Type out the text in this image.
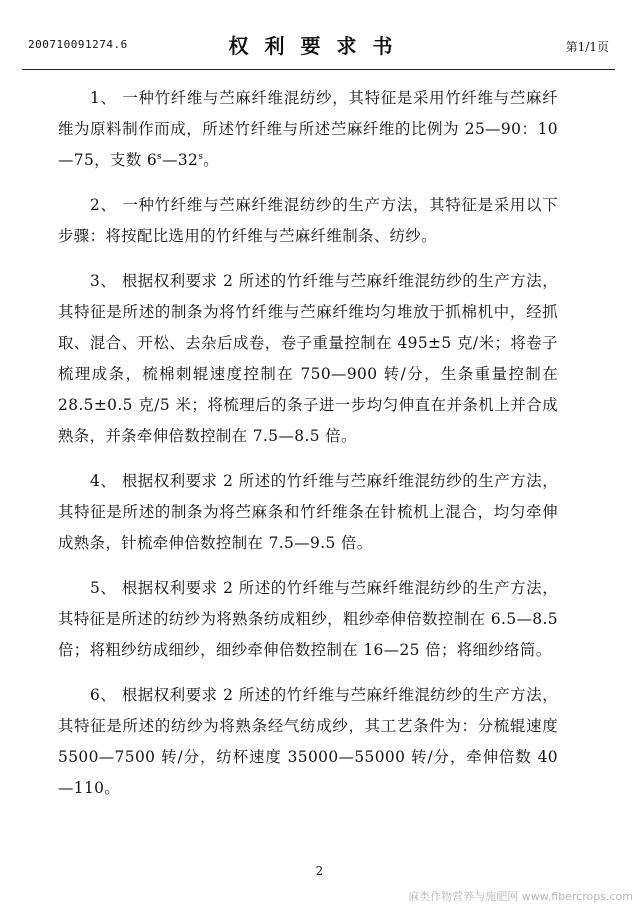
200710091274.6	权利要求书	第1/1页

1、 一种竹纤维与苎麻纤维混纺纱，其特征是采用竹纤维与苎麻纤维为原料制作而成，所述竹纤维与所述苎麻纤维的比例为 25—90：10—75，支数 6$^s$—32$^s$。

2、 一种竹纤维与苎麻纤维混纺纱的生产方法，其特征是采用以下步骤：将按配比选用的竹纤维与苎麻纤维制条、纺纱。

3、 根据权利要求 2 所述的竹纤维与苎麻纤维混纺纱的生产方法，其特征是所述的制条为将竹纤维与苎麻纤维均匀堆放于抓棉机中，经抓取、混合、开松、去杂后成卷，卷子重量控制在 495±5 克/米；将卷子梳理成条，梳棉刺辊速度控制在 750—900 转/分，生条重量控制在 28.5±0.5 克/5 米；将梳理后的条子进一步均匀伸直在并条机上并合成熟条，并条牵伸倍数控制在 7.5—8.5 倍。

4、 根据权利要求 2 所述的竹纤维与苎麻纤维混纺纱的生产方法，其特征是所述的制条为将苎麻条和竹纤维条在针梳机上混合，均匀牵伸成熟条，针梳牵伸倍数控制在 7.5—9.5 倍。

5、 根据权利要求 2 所述的竹纤维与苎麻纤维混纺纱的生产方法，其特征是所述的纺纱为将熟条纺成粗纱，粗纱牵伸倍数控制在 6.5—8.5 倍；将粗纱纺成细纱，细纱牵伸倍数控制在 16—25 倍；将细纱络筒。

6、 根据权利要求 2 所述的竹纤维与苎麻纤维混纺纱的生产方法，其特征是所述的纺纱为将熟条经气纺成纱，其工艺条件为：分梳辊速度 5500—7500 转/分，纺杯速度 35000—55000 转/分，牵伸倍数 40—110。

2
麻类作物营养与施肥网 www.fibercrops.com
